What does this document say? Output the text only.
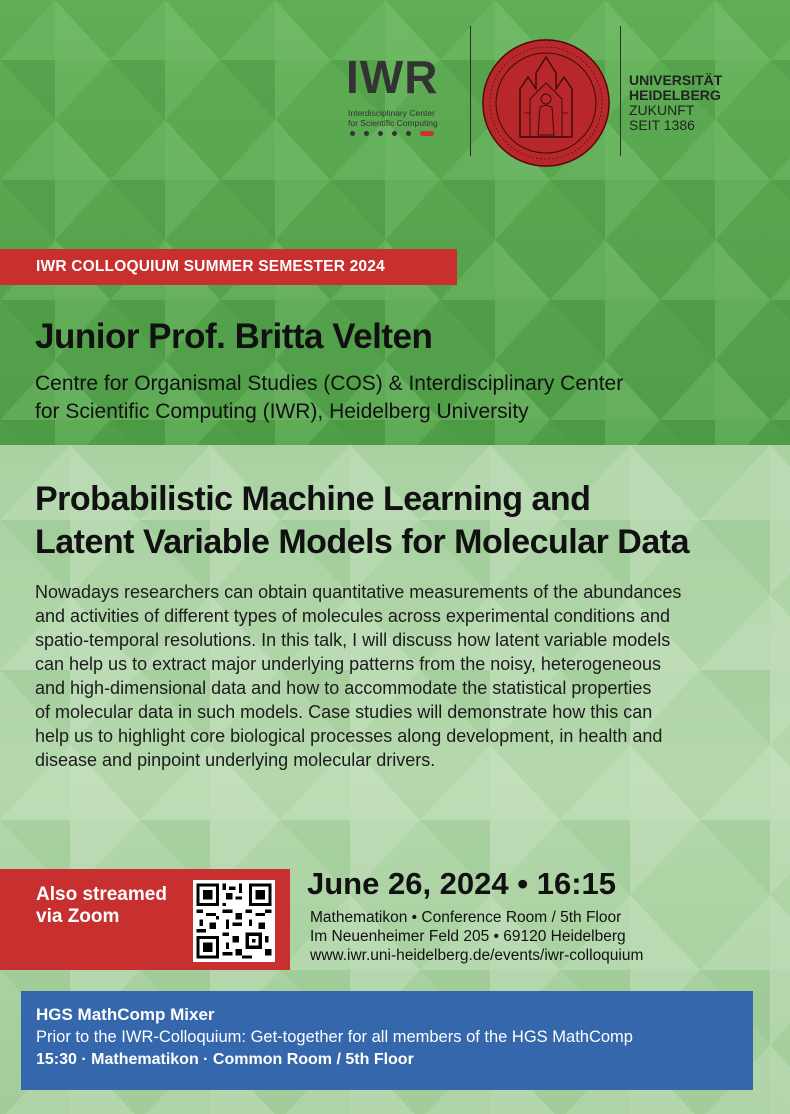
IWR
Interdisciplinary Center
for Scientific Computing
UNIVERSITÄT
HEIDELBERG
ZUKUNFT
SEIT 1386
IWR COLLOQUIUM SUMMER SEMESTER 2024
Junior Prof. Britta Velten
Centre for Organismal Studies (COS) & Interdisciplinary Center
for Scientific Computing (IWR), Heidelberg University
Probabilistic Machine Learning and
Latent Variable Models for Molecular Data
Nowadays researchers can obtain quantitative measurements of the abundances
and activities of different types of molecules across experimental conditions and
spatio-temporal resolutions. In this talk, I will discuss how latent variable models
can help us to extract major underlying patterns from the noisy, heterogeneous
and high-dimensional data and how to accommodate the statistical properties
of molecular data in such models. Case studies will demonstrate how this can
help us to highlight core biological processes along development, in health and
disease and pinpoint underlying molecular drivers.
Also streamed
via Zoom
June 26, 2024 • 16:15
Mathematikon • Conference Room / 5th Floor
Im Neuenheimer Feld 205 • 69120 Heidelberg
www.iwr.uni-heidelberg.de/events/iwr-colloquium
HGS MathComp Mixer
Prior to the IWR-Colloquium: Get-together for all members of the HGS MathComp
15:30 · Mathematikon · Common Room / 5th Floor
